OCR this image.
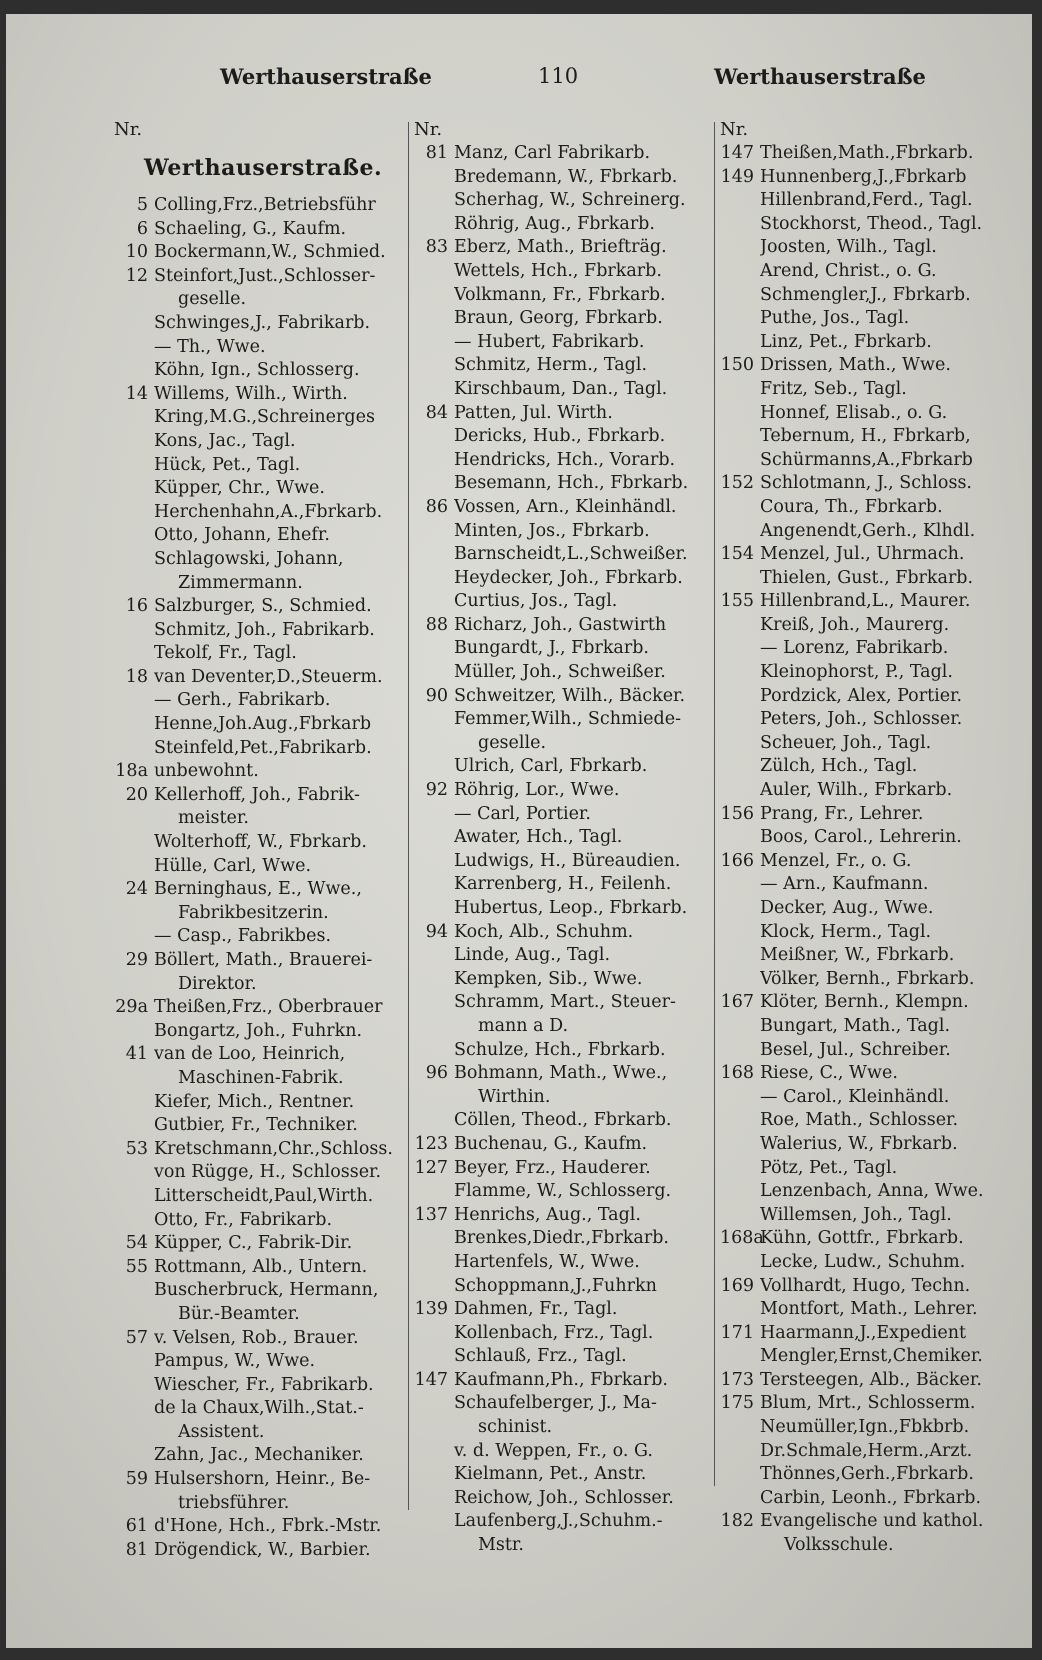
Werthauserstraße	110	Werthauserstraße
Nr.
Werthauserstraße.
5 Colling,Frz.,Betriebsführ
6 Schaeling, G., Kaufm.
10 Bockermann,W., Schmied.
12 Steinfort,Just.,Schlosser-
geselle.
Schwinges,J., Fabrikarb.
— Th., Wwe.
Köhn, Ign., Schlosserg.
14 Willems, Wilh., Wirth.
Kring,M.G.,Schreinerges
Kons, Jac., Tagl.
Hück, Pet., Tagl.
Küpper, Chr., Wwe.
Herchenhahn,A.,Fbrkarb.
Otto, Johann, Ehefr.
Schlagowski, Johann,
Zimmermann.
16 Salzburger, S., Schmied.
Schmitz, Joh., Fabrikarb.
Tekolf, Fr., Tagl.
18 van Deventer,D.,Steuerm.
— Gerh., Fabrikarb.
Henne,Joh.Aug.,Fbrkarb
Steinfeld,Pet.,Fabrikarb.
18a unbewohnt.
20 Kellerhoff, Joh., Fabrik-
meister.
Wolterhoff, W., Fbrkarb.
Hülle, Carl, Wwe.
24 Berninghaus, E., Wwe.,
Fabrikbesitzerin.
— Casp., Fabrikbes.
29 Böllert, Math., Brauerei-
Direktor.
29a Theißen,Frz., Oberbrauer
Bongartz, Joh., Fuhrkn.
41 van de Loo, Heinrich,
Maschinen-Fabrik.
Kiefer, Mich., Rentner.
Gutbier, Fr., Techniker.
53 Kretschmann,Chr.,Schloss.
von Rügge, H., Schlosser.
Litterscheidt,Paul,Wirth.
Otto, Fr., Fabrikarb.
54 Küpper, C., Fabrik-Dir.
55 Rottmann, Alb., Untern.
Buscherbruck, Hermann,
Bür.-Beamter.
57 v. Velsen, Rob., Brauer.
Pampus, W., Wwe.
Wiescher, Fr., Fabrikarb.
de la Chaux,Wilh.,Stat.-
Assistent.
Zahn, Jac., Mechaniker.
59 Hulsershorn, Heinr., Be-
triebsführer.
61 d'Hone, Hch., Fbrk.-Mstr.
81 Drögendick, W., Barbier.
Nr.
81 Manz, Carl Fabrikarb.
Bredemann, W., Fbrkarb.
Scherhag, W., Schreinerg.
Röhrig, Aug., Fbrkarb.
83 Eberz, Math., Briefträg.
Wettels, Hch., Fbrkarb.
Volkmann, Fr., Fbrkarb.
Braun, Georg, Fbrkarb.
— Hubert, Fabrikarb.
Schmitz, Herm., Tagl.
Kirschbaum, Dan., Tagl.
84 Patten, Jul. Wirth.
Dericks, Hub., Fbrkarb.
Hendricks, Hch., Vorarb.
Besemann, Hch., Fbrkarb.
86 Vossen, Arn., Kleinhändl.
Minten, Jos., Fbrkarb.
Barnscheidt,L.,Schweißer.
Heydecker, Joh., Fbrkarb.
Curtius, Jos., Tagl.
88 Richarz, Joh., Gastwirth
Bungardt, J., Fbrkarb.
Müller, Joh., Schweißer.
90 Schweitzer, Wilh., Bäcker.
Femmer,Wilh., Schmiede-
geselle.
Ulrich, Carl, Fbrkarb.
92 Röhrig, Lor., Wwe.
— Carl, Portier.
Awater, Hch., Tagl.
Ludwigs, H., Büreaudien.
Karrenberg, H., Feilenh.
Hubertus, Leop., Fbrkarb.
94 Koch, Alb., Schuhm.
Linde, Aug., Tagl.
Kempken, Sib., Wwe.
Schramm, Mart., Steuer-
mann a D.
Schulze, Hch., Fbrkarb.
96 Bohmann, Math., Wwe.,
Wirthin.
Cöllen, Theod., Fbrkarb.
123 Buchenau, G., Kaufm.
127 Beyer, Frz., Hauderer.
Flamme, W., Schlosserg.
137 Henrichs, Aug., Tagl.
Brenkes,Diedr.,Fbrkarb.
Hartenfels, W., Wwe.
Schoppmann,J.,Fuhrkn
139 Dahmen, Fr., Tagl.
Kollenbach, Frz., Tagl.
Schlauß, Frz., Tagl.
147 Kaufmann,Ph., Fbrkarb.
Schaufelberger, J., Ma-
schinist.
v. d. Weppen, Fr., o. G.
Kielmann, Pet., Anstr.
Reichow, Joh., Schlosser.
Laufenberg,J.,Schuhm.-
Mstr.
Nr.
147 Theißen,Math.,Fbrkarb.
149 Hunnenberg,J.,Fbrkarb
Hillenbrand,Ferd., Tagl.
Stockhorst, Theod., Tagl.
Joosten, Wilh., Tagl.
Arend, Christ., o. G.
Schmengler,J., Fbrkarb.
Puthe, Jos., Tagl.
Linz, Pet., Fbrkarb.
150 Drissen, Math., Wwe.
Fritz, Seb., Tagl.
Honnef, Elisab., o. G.
Tebernum, H., Fbrkarb,
Schürmanns,A.,Fbrkarb
152 Schlotmann, J., Schloss.
Coura, Th., Fbrkarb.
Angenendt,Gerh., Klhdl.
154 Menzel, Jul., Uhrmach.
Thielen, Gust., Fbrkarb.
155 Hillenbrand,L., Maurer.
Kreiß, Joh., Maurerg.
— Lorenz, Fabrikarb.
Kleinophorst, P., Tagl.
Pordzick, Alex, Portier.
Peters, Joh., Schlosser.
Scheuer, Joh., Tagl.
Zülch, Hch., Tagl.
Auler, Wilh., Fbrkarb.
156 Prang, Fr., Lehrer.
Boos, Carol., Lehrerin.
166 Menzel, Fr., o. G.
— Arn., Kaufmann.
Decker, Aug., Wwe.
Klock, Herm., Tagl.
Meißner, W., Fbrkarb.
Völker, Bernh., Fbrkarb.
167 Klöter, Bernh., Klempn.
Bungart, Math., Tagl.
Besel, Jul., Schreiber.
168 Riese, C., Wwe.
— Carol., Kleinhändl.
Roe, Math., Schlosser.
Walerius, W., Fbrkarb.
Pötz, Pet., Tagl.
Lenzenbach, Anna, Wwe.
Willemsen, Joh., Tagl.
168a
Kühn, Gottfr., Fbrkarb.
Lecke, Ludw., Schuhm.
169 Vollhardt, Hugo, Techn.
Montfort, Math., Lehrer.
171 Haarmann,J.,Expedient
Mengler,Ernst,Chemiker.
173 Tersteegen, Alb., Bäcker.
175 Blum, Mrt., Schlosserm.
Neumüller,Ign.,Fbkbrb.
Dr.Schmale,Herm.,Arzt.
Thönnes,Gerh.,Fbrkarb.
Carbin, Leonh., Fbrkarb.
182 Evangelische und kathol.
Volksschule.
